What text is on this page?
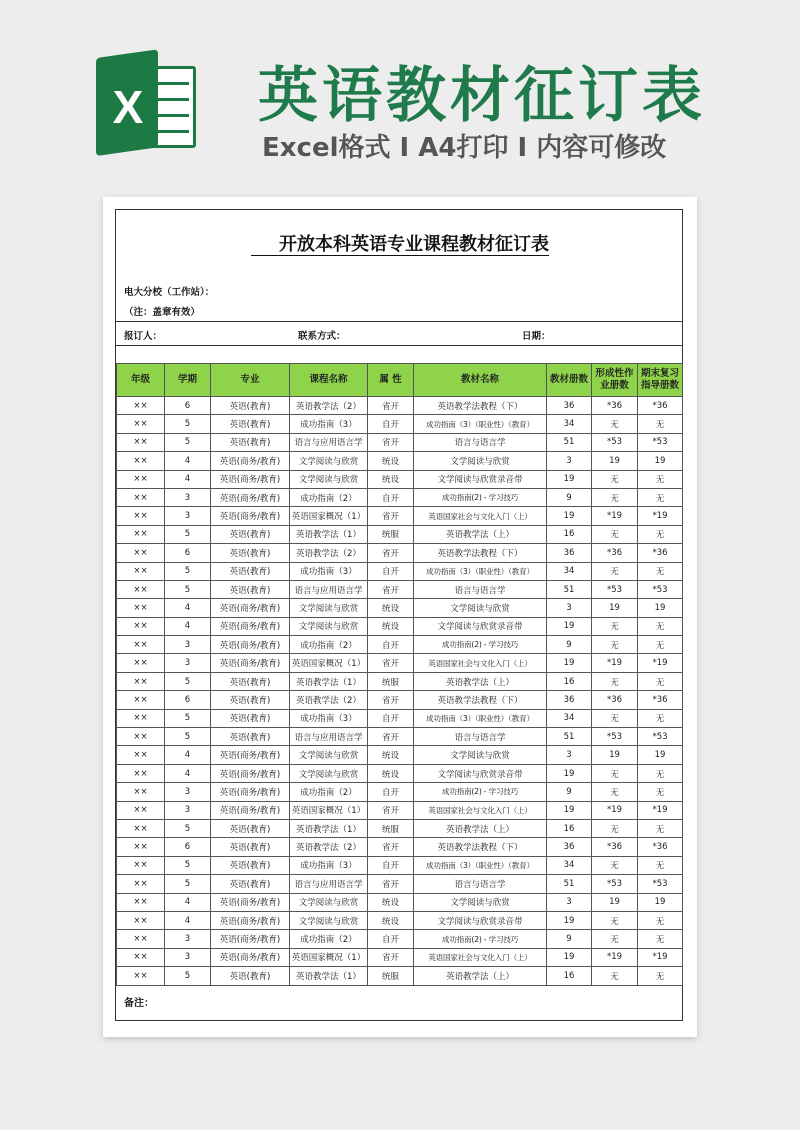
X 英语教材征订表
Excel格式 I A4打印 I 内容可修改
开放本科英语专业课程教材征订表
电大分校（工作站）：
（注：盖章有效）
报订人：	联系方式：	日期：
年级	学期	专业	课程名称	属 性	教材名称	教材册数	形成性作业册数	期末复习指导册数
××	6	英语(教育)	英语教学法（2）	省开	英语教学法教程（下）	36	*36	*36
××	5	英语(教育)	成功指南（3）	自开	成功指南（3）（职业性）（教育）	34	无	无
××	5	英语(教育)	语言与应用语言学	省开	语言与语言学	51	*53	*53
××	4	英语(商务/教育)	文学阅读与欣赏	统设	文学阅读与欣赏	3	19	19
××	4	英语(商务/教育)	文学阅读与欣赏	统设	文学阅读与欣赏录音带	19	无	无
××	3	英语(商务/教育)	成功指南（2）	自开	成功指南(2) - 学习技巧	9	无	无
××	3	英语(商务/教育)	英语国家概况（1）	省开	英语国家社会与文化入门（上）	19	*19	*19
××	5	英语(教育)	英语教学法（1）	统服	英语教学法（上）	16	无	无
××	6	英语(教育)	英语教学法（2）	省开	英语教学法教程（下）	36	*36	*36
××	5	英语(教育)	成功指南（3）	自开	成功指南（3）（职业性）（教育）	34	无	无
××	5	英语(教育)	语言与应用语言学	省开	语言与语言学	51	*53	*53
××	4	英语(商务/教育)	文学阅读与欣赏	统设	文学阅读与欣赏	3	19	19
××	4	英语(商务/教育)	文学阅读与欣赏	统设	文学阅读与欣赏录音带	19	无	无
××	3	英语(商务/教育)	成功指南（2）	自开	成功指南(2) - 学习技巧	9	无	无
××	3	英语(商务/教育)	英语国家概况（1）	省开	英语国家社会与文化入门（上）	19	*19	*19
××	5	英语(教育)	英语教学法（1）	统服	英语教学法（上）	16	无	无
××	6	英语(教育)	英语教学法（2）	省开	英语教学法教程（下）	36	*36	*36
××	5	英语(教育)	成功指南（3）	自开	成功指南（3）（职业性）（教育）	34	无	无
××	5	英语(教育)	语言与应用语言学	省开	语言与语言学	51	*53	*53
××	4	英语(商务/教育)	文学阅读与欣赏	统设	文学阅读与欣赏	3	19	19
××	4	英语(商务/教育)	文学阅读与欣赏	统设	文学阅读与欣赏录音带	19	无	无
××	3	英语(商务/教育)	成功指南（2）	自开	成功指南(2) - 学习技巧	9	无	无
××	3	英语(商务/教育)	英语国家概况（1）	省开	英语国家社会与文化入门（上）	19	*19	*19
××	5	英语(教育)	英语教学法（1）	统服	英语教学法（上）	16	无	无
××	6	英语(教育)	英语教学法（2）	省开	英语教学法教程（下）	36	*36	*36
××	5	英语(教育)	成功指南（3）	自开	成功指南（3）（职业性）（教育）	34	无	无
××	5	英语(教育)	语言与应用语言学	省开	语言与语言学	51	*53	*53
××	4	英语(商务/教育)	文学阅读与欣赏	统设	文学阅读与欣赏	3	19	19
××	4	英语(商务/教育)	文学阅读与欣赏	统设	文学阅读与欣赏录音带	19	无	无
××	3	英语(商务/教育)	成功指南（2）	自开	成功指南(2) - 学习技巧	9	无	无
××	3	英语(商务/教育)	英语国家概况（1）	省开	英语国家社会与文化入门（上）	19	*19	*19
××	5	英语(教育)	英语教学法（1）	统服	英语教学法（上）	16	无	无
备注：
